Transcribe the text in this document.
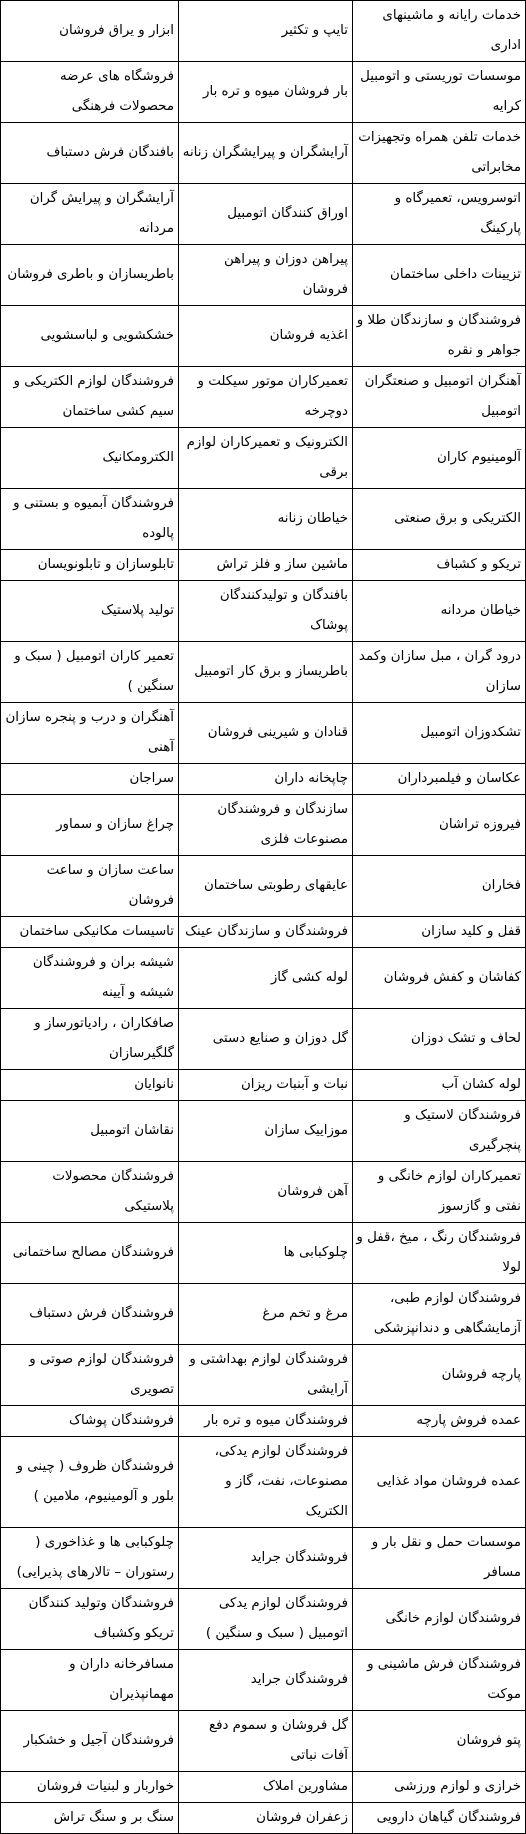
خدمات رایانه و ماشینهای اداری	تایپ و تکثیر	ابزار و یراق فروشان
موسسات توریستی و اتومبیل کرایه	بار فروشان میوه و تره بار	فروشگاه های عرضه محصولات فرهنگی
خدمات تلفن همراه وتجهیزات مخابراتی	آرایشگران و پیرایشگران زنانه	بافندگان فرش دستباف
اتوسرویس، تعمیرگاه و پارکینگ	اوراق کنندگان اتومبیل	آرایشگران و پیرایش گران مردانه
تزیینات داخلی ساختمان	پیراهن دوزان و پیراهن فروشان	باطریسازان و باطری فروشان
فروشندگان و سازندگان طلا و جواهر و نقره	اغذیه فروشان	خشکشویی و لباسشویی
آهنگران اتومبیل و صنعتگران اتومبیل	تعمیرکاران موتور سیکلت و دوچرخه	فروشندگان لوازم الکتریکی و سیم کشی ساختمان
آلومینیوم کاران	الکترونیک و تعمیرکاران لوازم برقی	الکترومکانیک
الکتریکی و برق صنعتی	خیاطان زنانه	فروشندگان آبمیوه و بستنی و پالوده
تریکو و کشباف	ماشین ساز و فلز تراش	تابلوسازان و تابلونویسان
خیاطان مردانه	بافندگان و تولیدکنندگان پوشاک	تولید پلاستیک
درود گران ، مبل سازان وکمد سازان	باطریساز و برق کار اتومبیل	تعمیر کاران اتومبیل ( سبک و سنگین )
تشکدوزان اتومبیل	قنادان و شیرینی فروشان	آهنگران و درب و پنجره سازان آهنی
عکاسان و فیلمبرداران	چاپخانه داران	سراجان
فیروزه تراشان	سازندگان و فروشندگان مصنوعات فلزی	چراغ سازان و سماور
فخاران	عایقهای رطوبتی ساختمان	ساعت سازان و ساعت فروشان
قفل و کلید سازان	فروشندگان و سازندگان عینک	تاسیسات مکانیکی ساختمان
کفاشان و کفش فروشان	لوله کشی گاز	شیشه بران و فروشندگان شیشه و آیینه
لحاف و تشک دوزان	گل دوزان و صنایع دستی	صافکاران ، رادیاتورساز و گلگیرسازان
لوله کشان آب	نبات و آبنبات ریزان	نانوایان
فروشندگان لاستیک و پنچرگیری	موزاییک سازان	نقاشان اتومبیل
تعمیرکاران لوازم خانگی و نفتی و گازسوز	آهن فروشان	فروشندگان محصولات پلاستیکی
فروشندگان رنگ ، میخ ،قفل و لولا	چلوکبابی ها	فروشندگان مصالح ساختمانی
فروشندگان لوازم طبی، آزمایشگاهی و دندانپزشکی	مرغ و تخم مرغ	فروشندگان فرش دستباف
پارچه فروشان	فروشندگان لوازم بهداشتی و آرایشی	فروشندگان لوازم صوتی و تصویری
عمده فروش پارچه	فروشندگان میوه و تره بار	فروشندگان پوشاک
عمده فروشان مواد غذایی	فروشندگان لوازم یدکی، مصنوعات، نفت، گاز و الکتریک	فروشندگان ظروف ( چینی و بلور و آلومینیوم، ملامین )
موسسات حمل و نقل بار و مسافر	فروشندگان جراید	چلوکبابی ها و غذاخوری ( رستوران – تالارهای پذیرایی)
فروشندگان لوازم خانگی	فروشندگان لوازم یدکی اتومبیل ( سبک و سنگین )	فروشندگان وتولید کنندگان تریکو وکشباف
فروشندگان فرش ماشینی و موکت	فروشندگان جراید	مسافرخانه داران و مهمانپذیران
پتو فروشان	گل فروشان و سموم دفع آفات نباتی	فروشندگان آجیل و خشکبار
خرازی و لوازم ورزشی	مشاورین املاک	خواربار و لبنیات فروشان
فروشندگان گیاهان دارویی	زعفران فروشان	سنگ بر و سنگ تراش
